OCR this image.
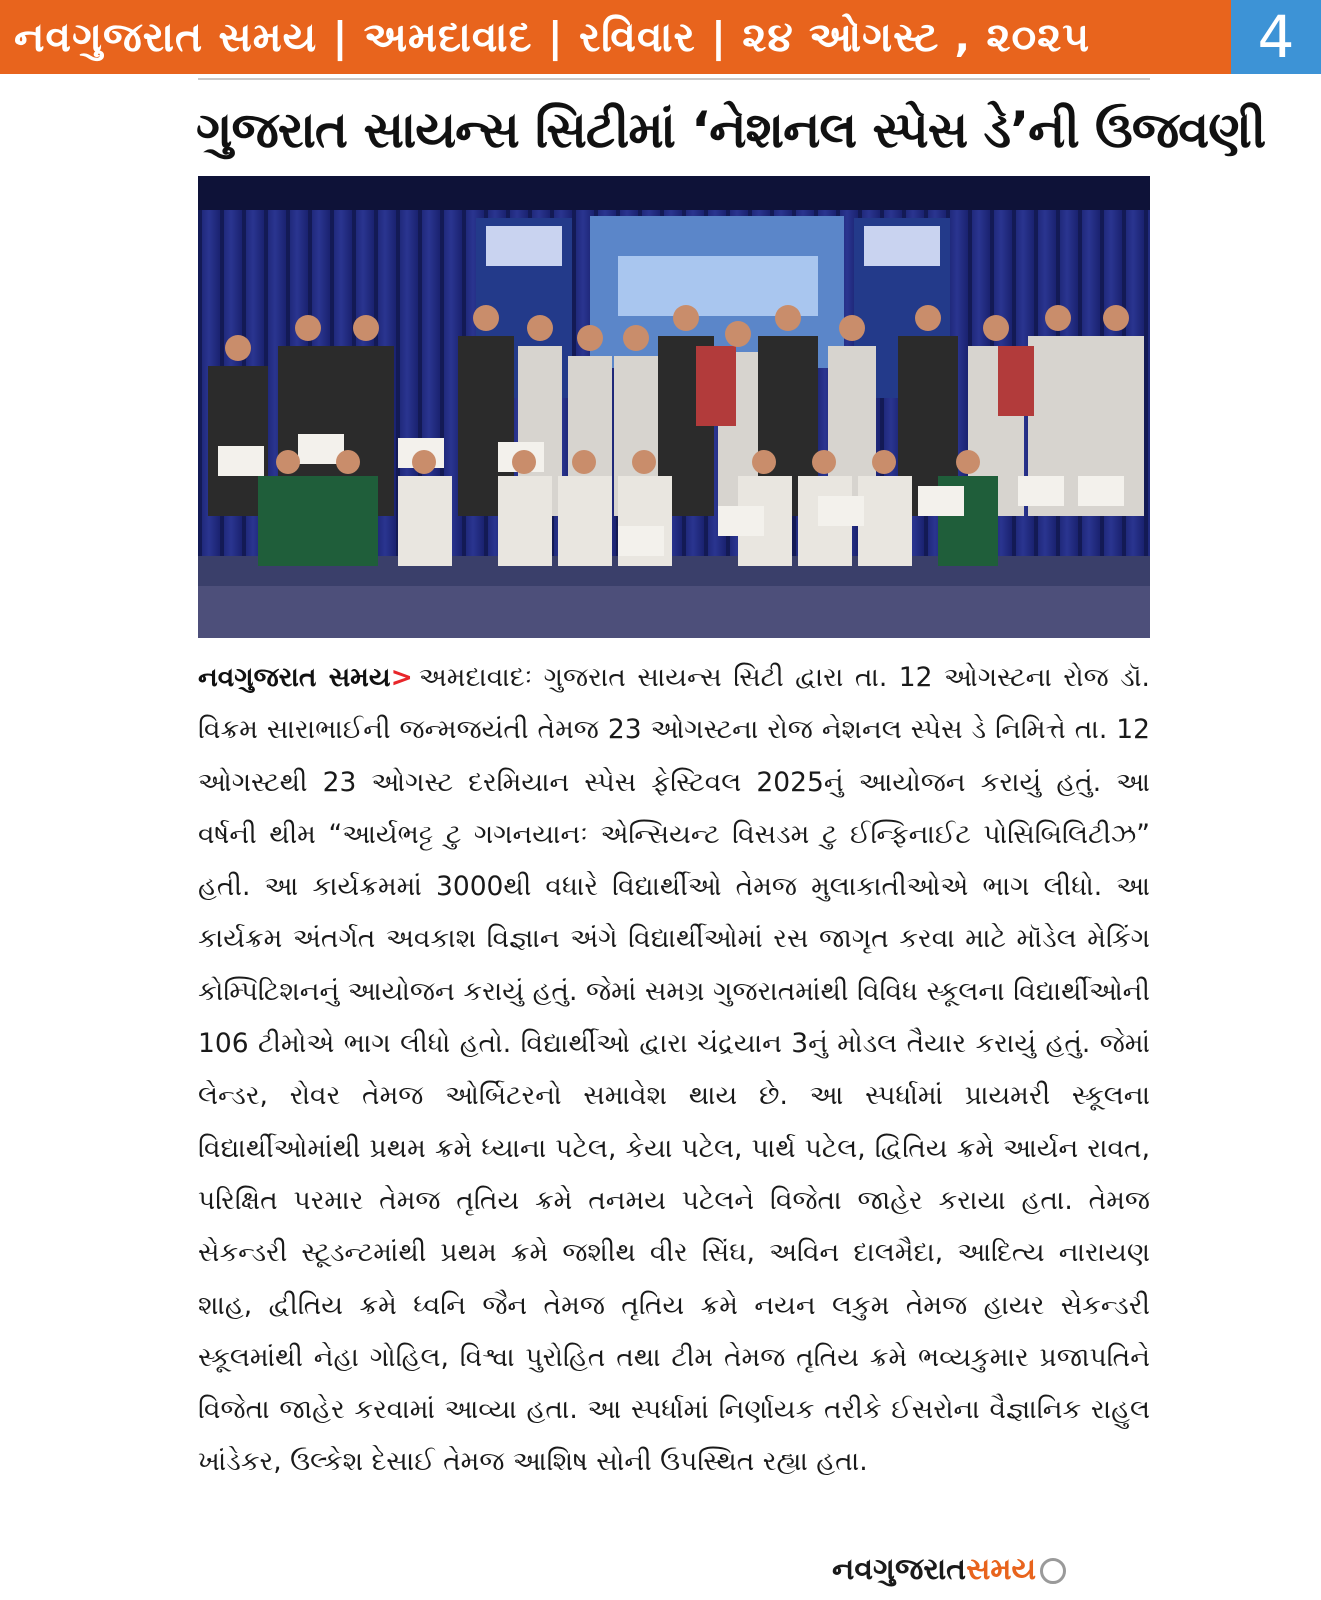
નવગુજરાત સમય | અમદાવાદ | રવિવાર | ૨૪ ઓગસ્ટ , ૨૦૨૫	4
ગુજરાત સાયન્સ સિટીમાં ‘નેશનલ સ્પેસ ડે’ની ઉજવણી
નવગુજરાત સમય> અમદાવાદઃ ગુજરાત સાયન્સ સિટી દ્વારા તા. 12 ઓગસ્ટના રોજ ડૉ. વિક્રમ સારાભાઈની જન્મજયંતી તેમજ 23 ઓગસ્ટના રોજ નેશનલ સ્પેસ ડે નિમિત્તે તા. 12 ઓગસ્ટથી 23 ઓગસ્ટ દરમિયાન સ્પેસ ફેસ્ટિવલ 2025નું આયોજન કરાયું હતું. આ વર્ષની થીમ “આર્યભટ્ટ ટુ ગગનયાનઃ એન્સિયન્ટ વિસડમ ટુ ઈન્ફિનાઈટ પોસિબિલિટીઝ” હતી. આ કાર્યક્રમમાં 3000થી વધારે વિદ્યાર્થીઓ તેમજ મુલાકાતીઓએ ભાગ લીધો. આ કાર્યક્રમ અંતર્ગત અવકાશ વિજ્ઞાન અંગે વિદ્યાર્થીઓમાં રસ જાગૃત કરવા માટે મૉડેલ મેકિંગ કોમ્પિટિશનનું આયોજન કરાયું હતું. જેમાં સમગ્ર ગુજરાતમાંથી વિવિધ સ્કૂલના વિદ્યાર્થીઓની 106 ટીમોએ ભાગ લીધો હતો. વિદ્યાર્થીઓ દ્વારા ચંદ્રયાન 3નું મોડલ તૈયાર કરાયું હતું. જેમાં લેન્ડર, રોવર તેમજ ઓર્બિટરનો સમાવેશ થાય છે. આ સ્પર્ધામાં પ્રાયમરી સ્કૂલના વિદ્યાર્થીઓમાંથી પ્રથમ ક્રમે ધ્યાના પટેલ, કેયા પટેલ, પાર્થ પટેલ, દ્વિતિય ક્રમે આર્યન રાવત, પરિક્ષિત પરમાર તેમજ તૃતિય ક્રમે તનમય પટેલને વિજેતા જાહેર કરાયા હતા. તેમજ સેકન્ડરી સ્ટૂડન્ટમાંથી પ્રથમ ક્રમે જશીથ વીર સિંઘ, અવિન દાલમૈદા, આદિત્ય નારાયણ શાહ, દ્વીતિય ક્રમે ધ્વનિ જૈન તેમજ તૃતિય ક્રમે નયન લકુમ તેમજ હાયર સેકન્ડરી સ્કૂલમાંથી નેહા ગોહિલ, વિશ્વા પુરોહિત તથા ટીમ તેમજ તૃતિય ક્રમે ભવ્યકુમાર પ્રજાપતિને વિજેતા જાહેર કરવામાં આવ્યા હતા. આ સ્પર્ધામાં નિર્ણાયક તરીકે ઈસરોના વૈજ્ઞાનિક રાહુલ ખાંડેકર, ઉલ્કેશ દેસાઈ તેમજ આશિષ સોની ઉપસ્થિત રહ્યા હતા.
નવગુજરાતસમય
